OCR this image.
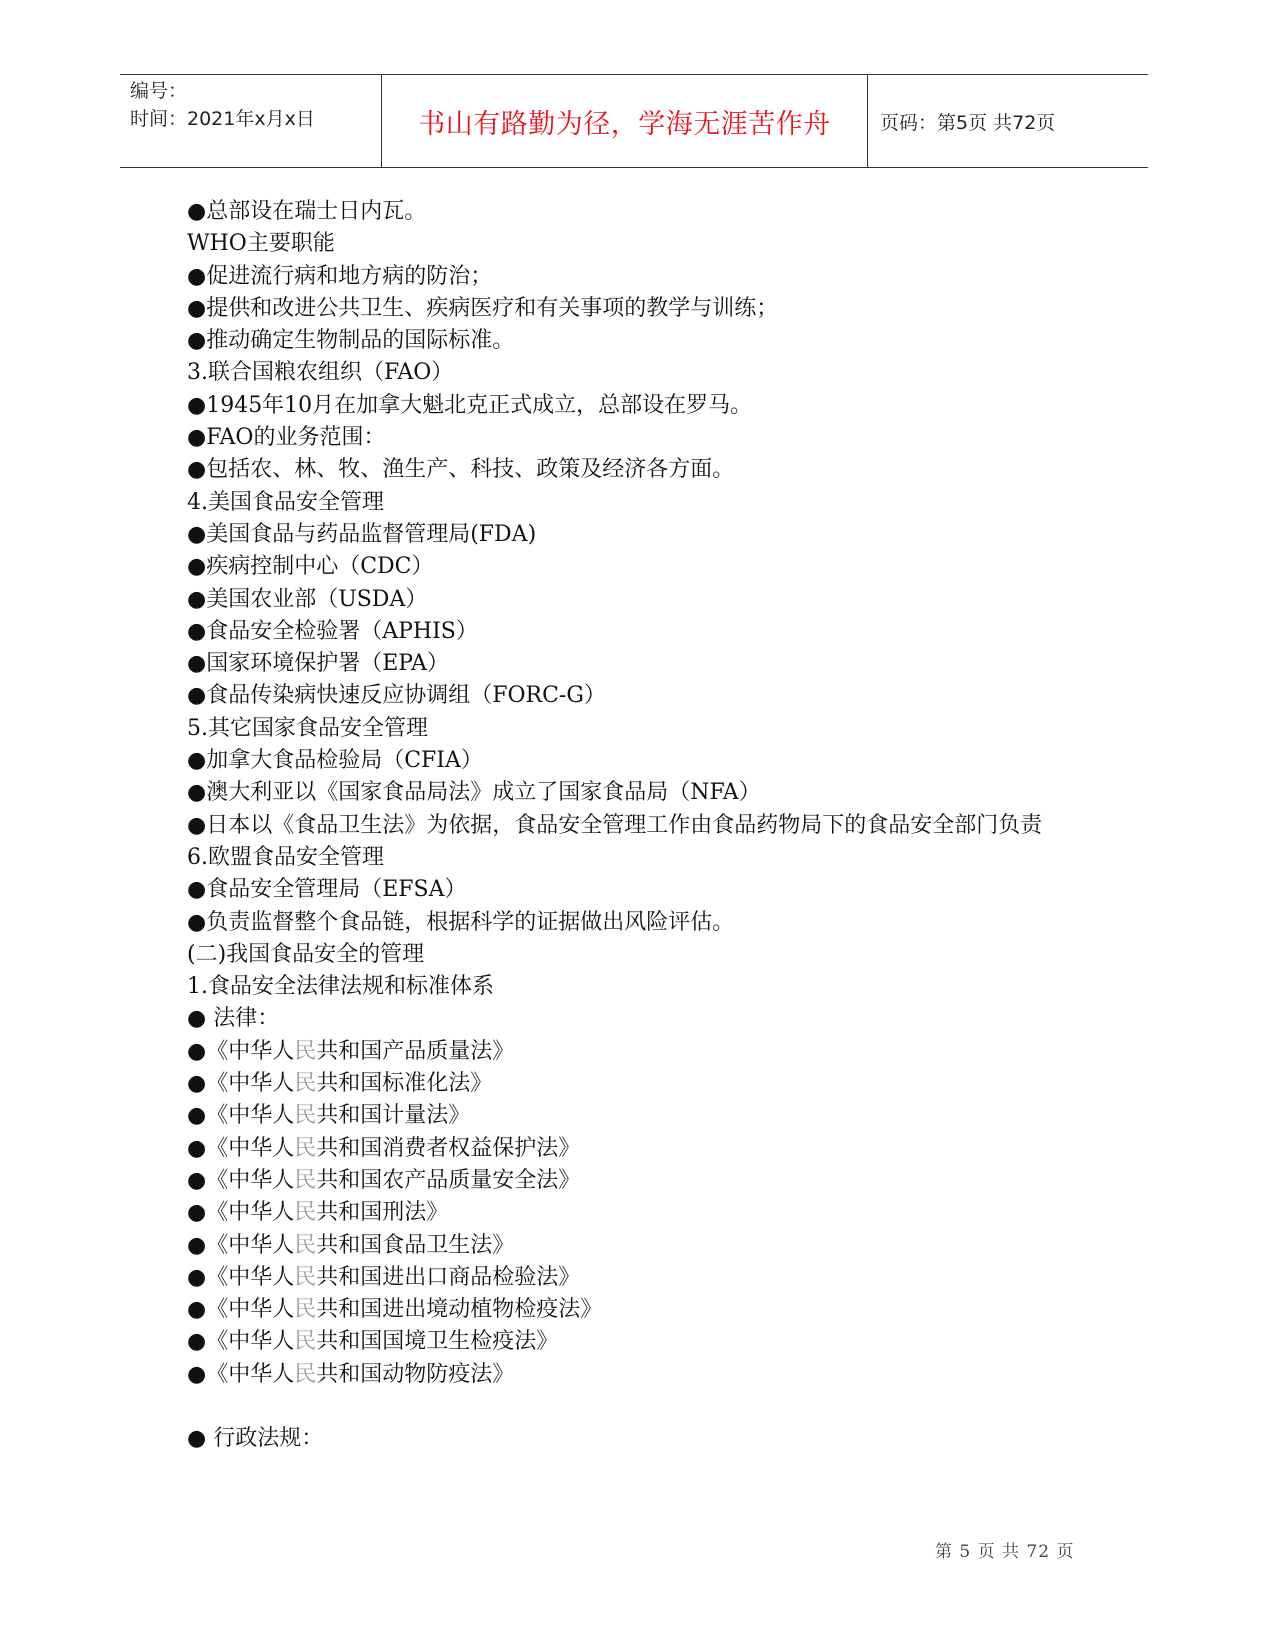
编号：
时间：2021年x月x日	书山有路勤为径，学海无涯苦作舟	页码：第5页 共72页
●总部设在瑞士日内瓦。
WHO主要职能
●促进流行病和地方病的防治；
●提供和改进公共卫生、疾病医疗和有关事项的教学与训练；
●推动确定生物制品的国际标准。
3.联合国粮农组织（FAO）
●1945年10月在加拿大魁北克正式成立，总部设在罗马。
●FAO的业务范围：
●包括农、林、牧、渔生产、科技、政策及经济各方面。
4.美国食品安全管理
●美国食品与药品监督管理局(FDA)
●疾病控制中心（CDC）
●美国农业部（USDA）
●食品安全检验署（APHIS）
●国家环境保护署（EPA）
●食品传染病快速反应协调组（FORC-G）
5.其它国家食品安全管理
●加拿大食品检验局（CFIA）
●澳大利亚以《国家食品局法》成立了国家食品局（NFA）
●日本以《食品卫生法》为依据，食品安全管理工作由食品药物局下的食品安全部门负责
6.欧盟食品安全管理
●食品安全管理局（EFSA）
●负责监督整个食品链，根据科学的证据做出风险评估。
(二)我国食品安全的管理
1.食品安全法律法规和标准体系
● 法律：
●《中华人民共和国产品质量法》
●《中华人民共和国标准化法》
●《中华人民共和国计量法》
●《中华人民共和国消费者权益保护法》
●《中华人民共和国农产品质量安全法》
●《中华人民共和国刑法》
●《中华人民共和国食品卫生法》
●《中华人民共和国进出口商品检验法》
●《中华人民共和国进出境动植物检疫法》
●《中华人民共和国国境卫生检疫法》
●《中华人民共和国动物防疫法》
● 行政法规：
第 5 页 共 72 页
